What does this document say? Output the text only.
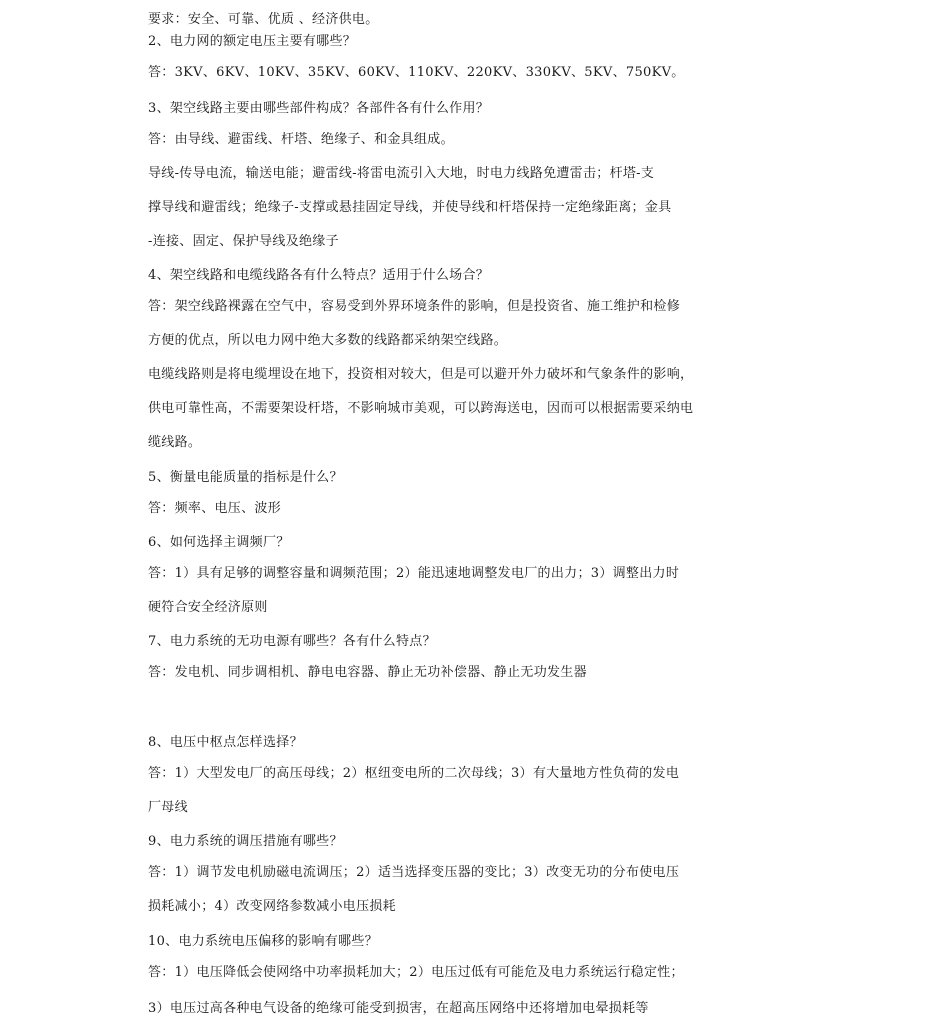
要求：安全、可靠、优质 、经济供电。
2、电力网的额定电压主要有哪些？
答：3KV、6KV、10KV、35KV、60KV、110KV、220KV、330KV、5KV、750KV。
3、架空线路主要由哪些部件构成？各部件各有什么作用？
答：由导线、避雷线、杆塔、绝缘子、和金具组成。
导线-传导电流，输送电能；避雷线-将雷电流引入大地，时电力线路免遭雷击；杆塔-支
撑导线和避雷线；绝缘子-支撑或悬挂固定导线，并使导线和杆塔保持一定绝缘距离；金具
-连接、固定、保护导线及绝缘子
4、架空线路和电缆线路各有什么特点？适用于什么场合？
答：架空线路裸露在空气中，容易受到外界环境条件的影响，但是投资省、施工维护和检修
方便的优点，所以电力网中绝大多数的线路都采纳架空线路。
电缆线路则是将电缆埋设在地下，投资相对较大，但是可以避开外力破坏和气象条件的影响，
供电可靠性高，不需要架设杆塔，不影响城市美观，可以跨海送电，因而可以根据需要采纳电
缆线路。
5、衡量电能质量的指标是什么？
答：频率、电压、波形
6、如何选择主调频厂？
答：1）具有足够的调整容量和调频范围；2）能迅速地调整发电厂的出力；3）调整出力时
硬符合安全经济原则
7、电力系统的无功电源有哪些？各有什么特点？
答：发电机、同步调相机、静电电容器、静止无功补偿器、静止无功发生器
8、电压中枢点怎样选择？
答：1）大型发电厂的高压母线；2）枢纽变电所的二次母线；3）有大量地方性负荷的发电
厂母线
9、电力系统的调压措施有哪些？
答：1）调节发电机励磁电流调压；2）适当选择变压器的变比；3）改变无功的分布使电压
损耗减小；4）改变网络参数减小电压损耗
10、电力系统电压偏移的影响有哪些？
答：1）电压降低会使网络中功率损耗加大；2）电压过低有可能危及电力系统运行稳定性；
3）电压过高各种电气设备的绝缘可能受到损害，在超高压网络中还将增加电晕损耗等
